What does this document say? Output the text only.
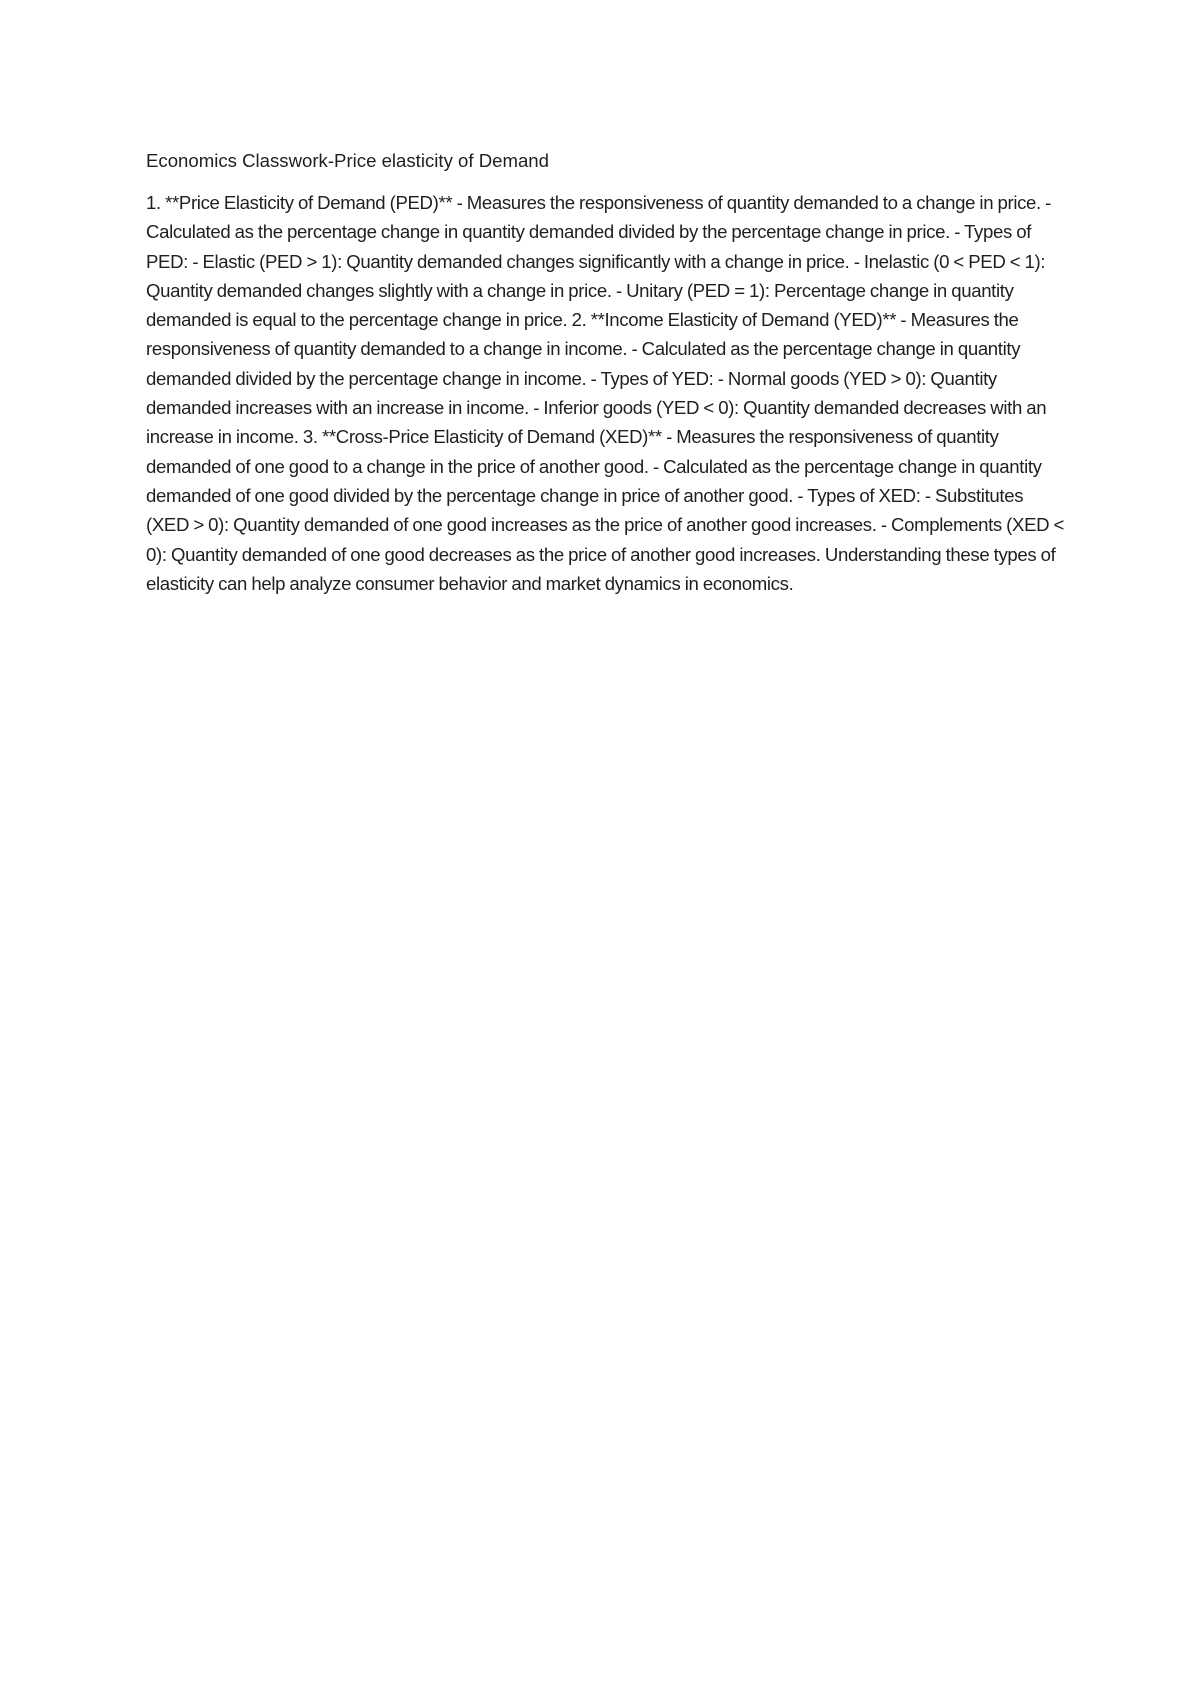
Economics Classwork-Price elasticity of Demand

1. **Price Elasticity of Demand (PED)** - Measures the responsiveness of quantity demanded to a change in price. - Calculated as the percentage change in quantity demanded divided by the percentage change in price. - Types of PED: - Elastic (PED > 1): Quantity demanded changes significantly with a change in price. - Inelastic (0 < PED < 1): Quantity demanded changes slightly with a change in price. - Unitary (PED = 1): Percentage change in quantity demanded is equal to the percentage change in price. 2. **Income Elasticity of Demand (YED)** - Measures the responsiveness of quantity demanded to a change in income. - Calculated as the percentage change in quantity demanded divided by the percentage change in income. - Types of YED: - Normal goods (YED > 0): Quantity demanded increases with an increase in income. - Inferior goods (YED < 0): Quantity demanded decreases with an increase in income. 3. **Cross-Price Elasticity of Demand (XED)** - Measures the responsiveness of quantity demanded of one good to a change in the price of another good. - Calculated as the percentage change in quantity demanded of one good divided by the percentage change in price of another good. - Types of XED: - Substitutes (XED > 0): Quantity demanded of one good increases as the price of another good increases. - Complements (XED < 0): Quantity demanded of one good decreases as the price of another good increases. Understanding these types of elasticity can help analyze consumer behavior and market dynamics in economics.
